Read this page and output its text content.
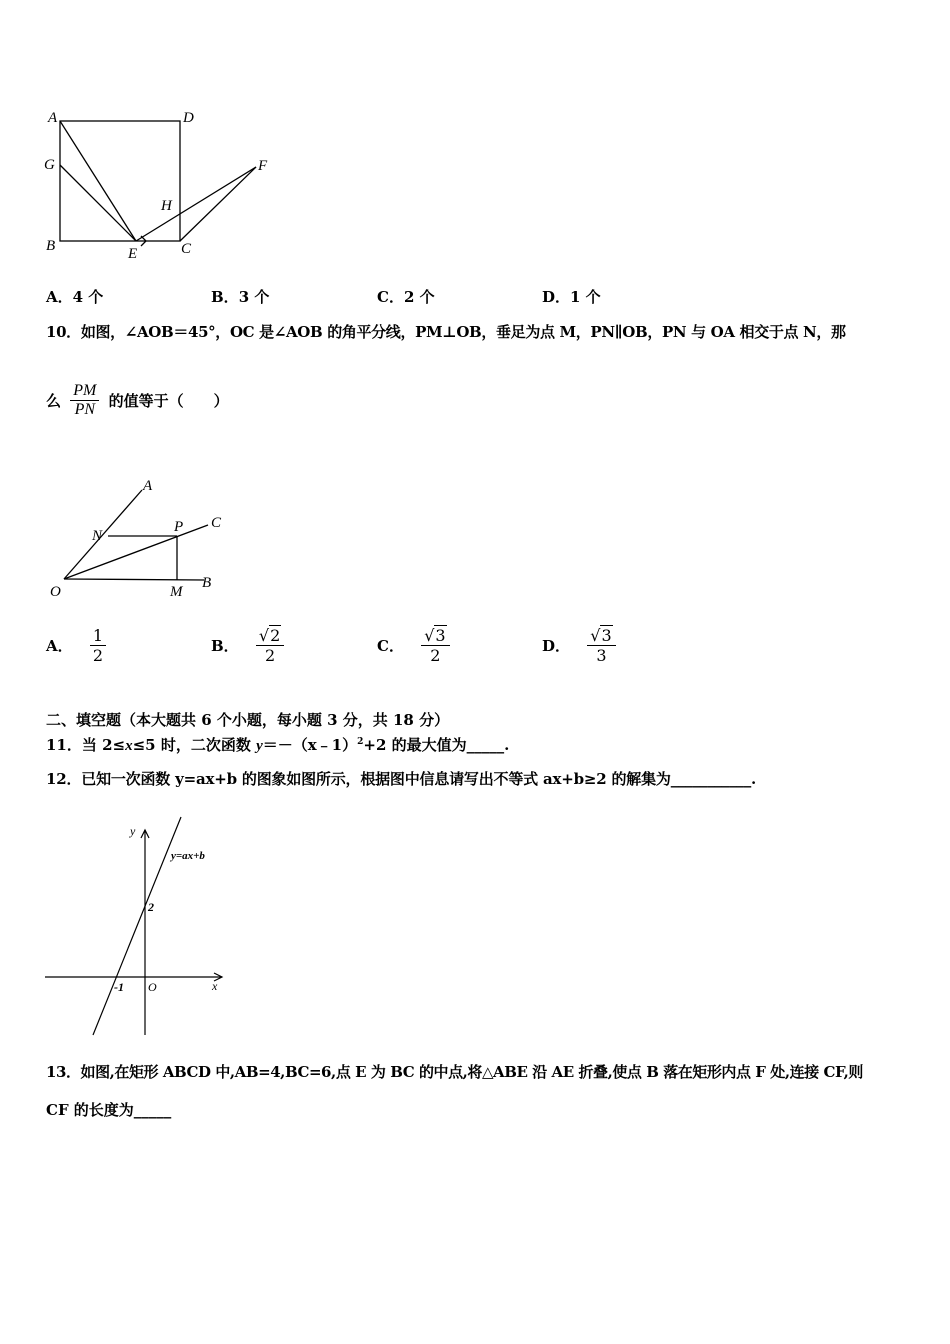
A	D
G	F
H
B	E	C
A．4 个	B．3 个	C．2 个	D．1 个
10．如图，∠AOB＝45°，OC 是∠AOB 的角平分线，PM⊥OB，垂足为点 M，PN∥OB，PN 与 OA 相交于点 N，那
么 $\frac{PM}{PN}$ 的值等于（　　）
A
N
P C
O	M
B
A． $\frac{1}{2}$	B． $\frac{√2}{2}$	C． $\frac{√3}{2}$	D． $\frac{√3}{3}$
二、填空题（本大题共 6 个小题，每小题 3 分，共 18 分）
11．当 2≤x≤5 时，二次函数 y＝－（x﹣1）$^2$+2 的最大值为_____.
12．已知一次函数 y=ax+b 的图象如图所示，根据图中信息请写出不等式 ax+b≥2 的解集为___________.
y
x
y=ax+b
O
2
-1
13．如图,在矩形 ABCD 中,AB=4,BC=6,点 E 为 BC 的中点,将△ABE 沿 AE 折叠,使点 B 落在矩形内点 F 处,连接 CF,则
CF 的长度为_____
